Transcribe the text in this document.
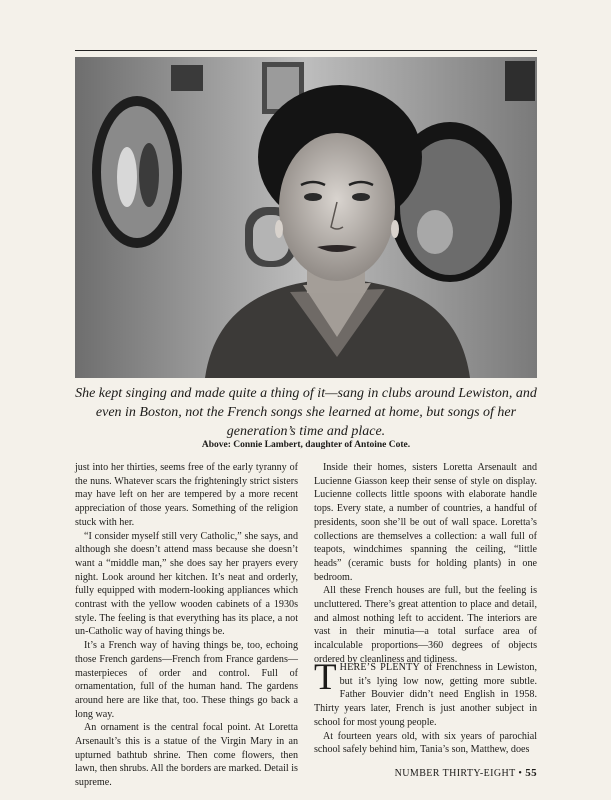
She kept singing and made quite a thing of it—sang in clubs around Lewiston, and even in Boston, not the French songs she learned at home, but songs of her generation’s time and place.
Above: Connie Lambert, daughter of Antoine Cote.

just into her thirties, seems free of the early tyranny of the nuns. Whatever scars the frighteningly strict sisters may have left on her are tempered by a more recent appreciation of those years. Something of the religion stuck with her.

“I consider myself still very Catholic,” she says, and although she doesn’t attend mass because she doesn’t want a “middle man,” she does say her prayers every night. Look around her kitchen. It’s neat and orderly, fully equipped with modern-looking appliances which contrast with the yellow wooden cabinets of a 1930s style. The feeling is that everything has its place, a not un-Catholic way of having things be.

It’s a French way of having things be, too, echoing those French gardens—French from France gardens—masterpieces of order and control. Full of ornamentation, full of the human hand. The gardens around here are like that, too. These things go back a long way.

An ornament is the central focal point. At Loretta Arsenault’s this is a statue of the Virgin Mary in an upturned bathtub shrine. Then come flowers, then lawn, then shrubs. All the borders are marked. Detail is supreme.

Inside their homes, sisters Loretta Arsenault and Lucienne Giasson keep their sense of style on display. Lucienne collects little spoons with elaborate handle tops. Every state, a number of countries, a handful of presidents, soon she’ll be out of wall space. Loretta’s collections are themselves a collection: a wall full of teapots, windchimes spanning the ceiling, “little heads” (ceramic busts for holding plants) in one bedroom.

All these French houses are full, but the feeling is uncluttered. There’s great attention to place and detail, and almost nothing left to accident. The interiors are vast in their minutia—a total surface area of incalculable proportions—360 degrees of objects ordered by cleanliness and tidiness.

THERE’S PLENTY of Frenchness in Lewiston, but it’s lying low now, getting more subtle. Father Bouvier didn’t need English in 1958. Thirty years later, French is just another subject in school for most young people.

At fourteen years old, with six years of parochial school safely behind him, Tania’s son, Matthew, does

NUMBER THIRTY-EIGHT • 55
